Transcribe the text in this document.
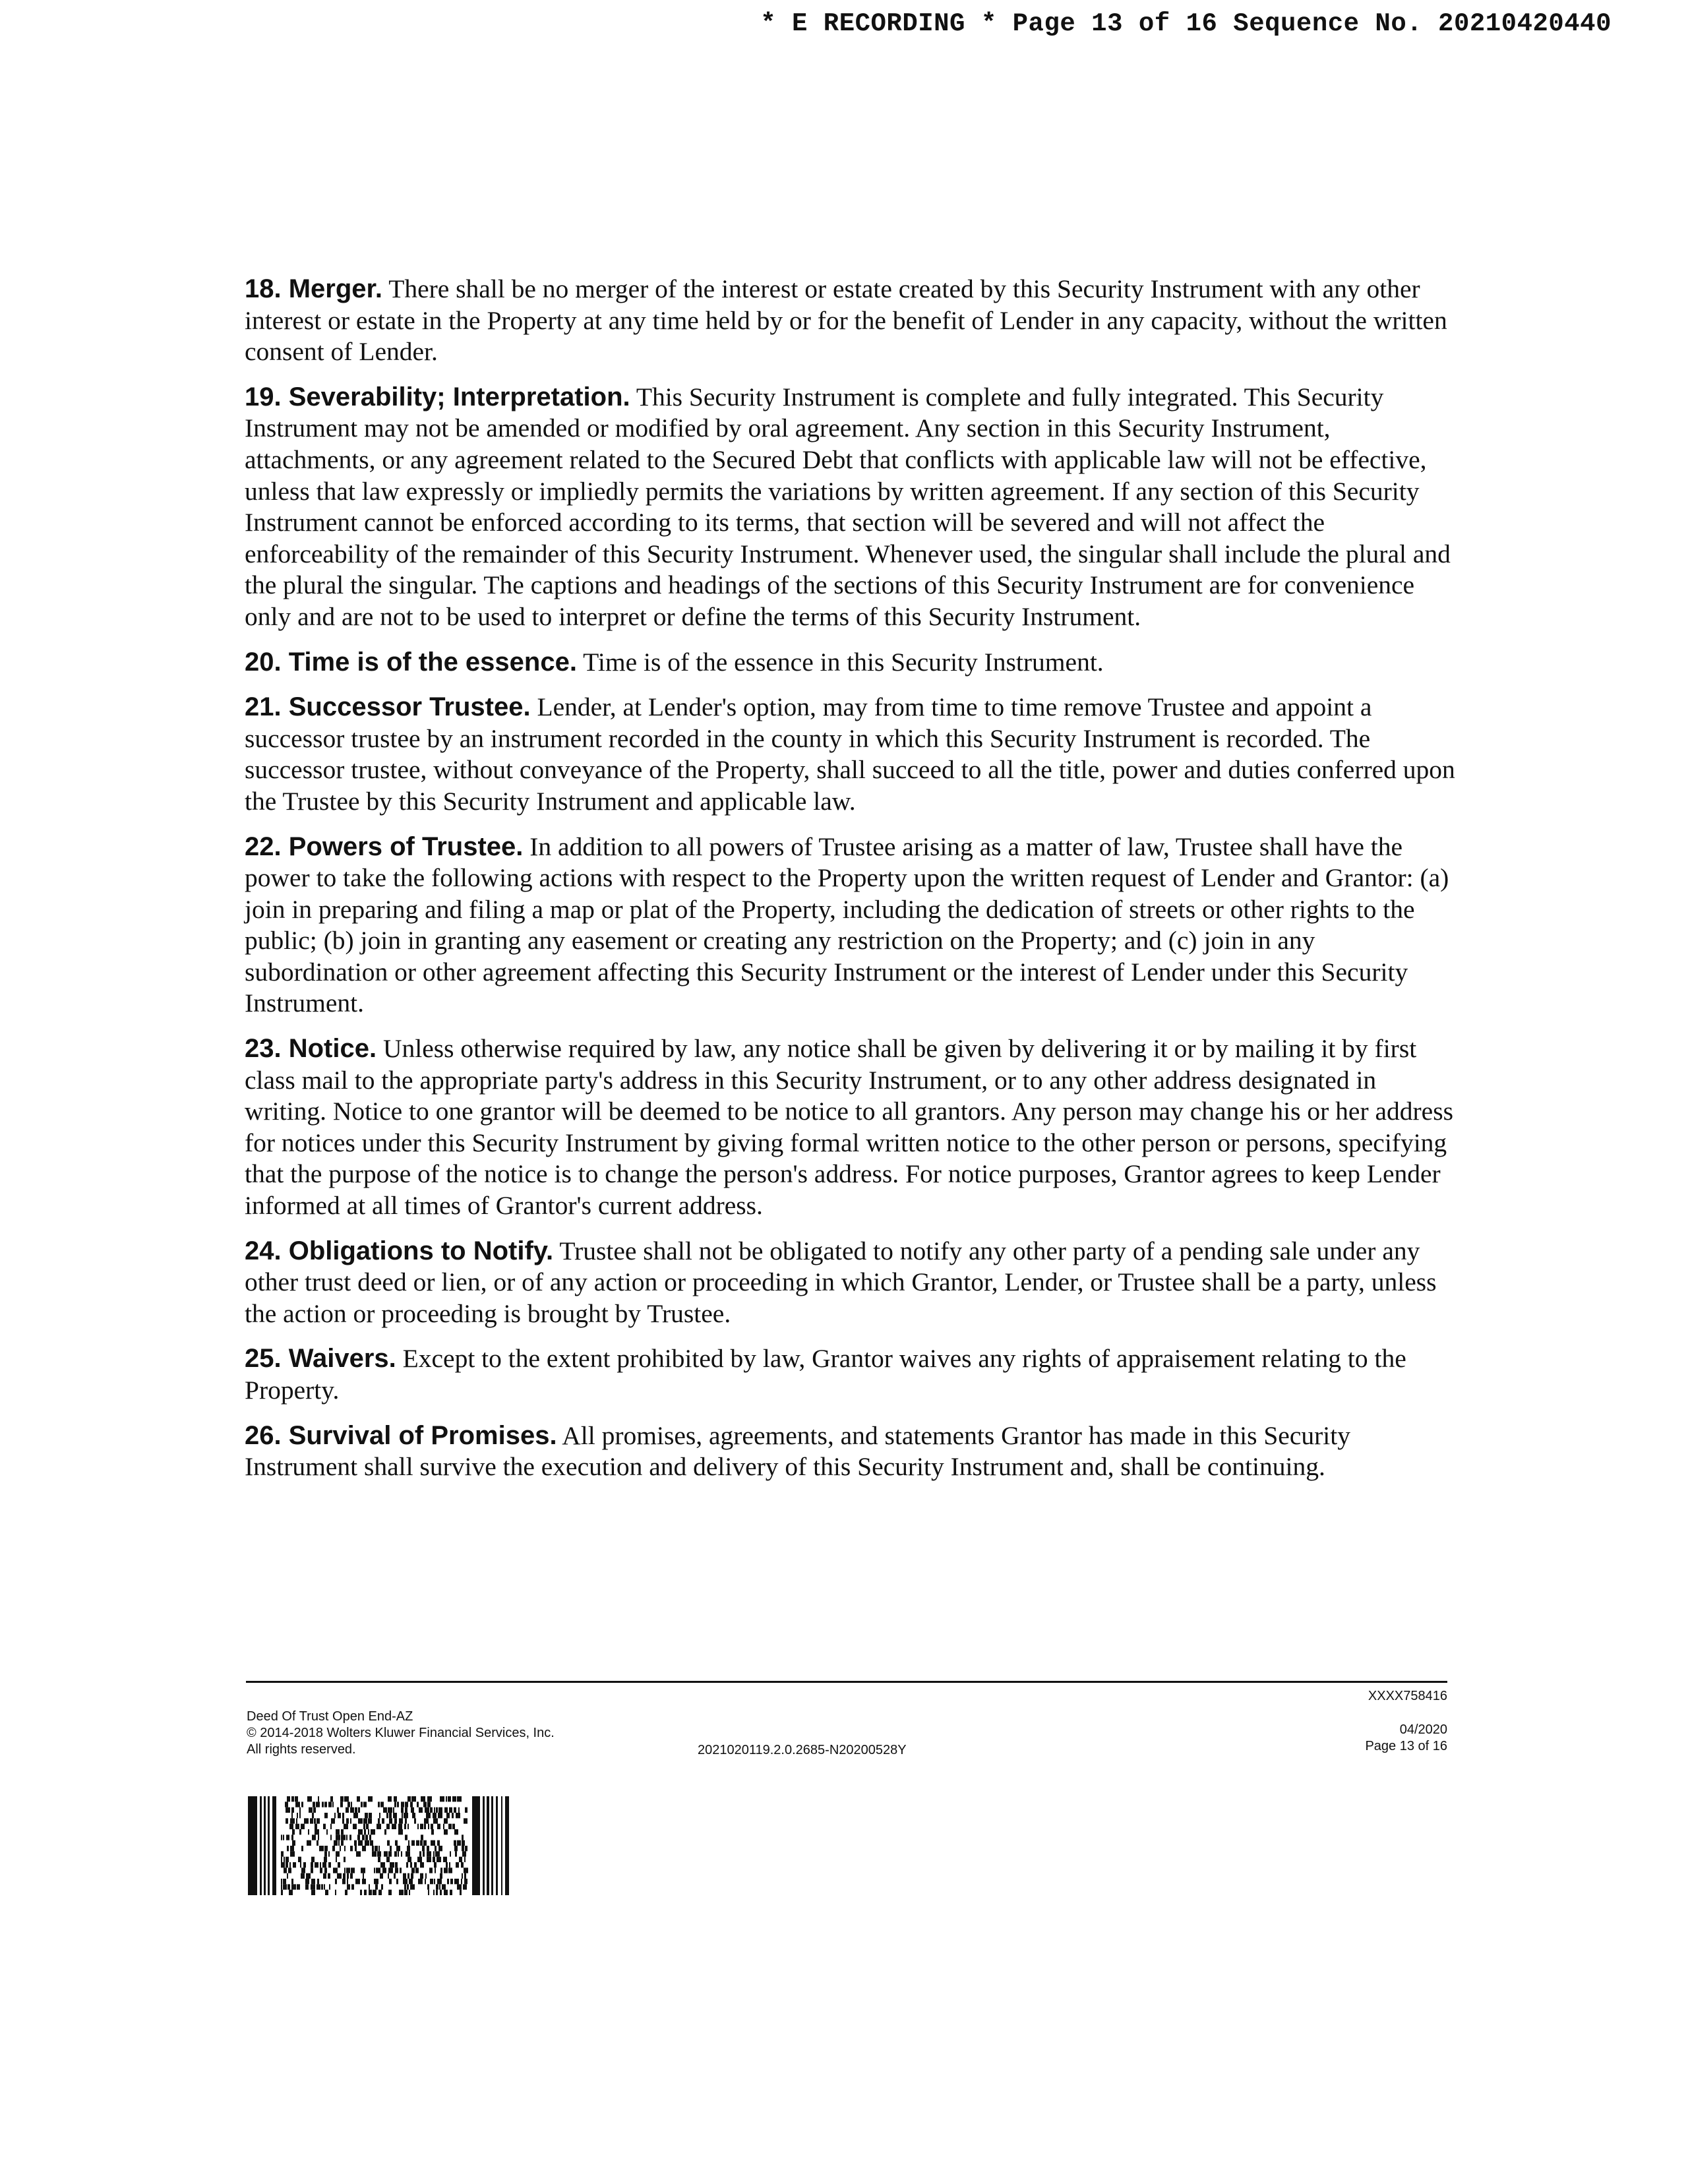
* E RECORDING * Page 13 of 16 Sequence No. 20210420440

18. Merger. There shall be no merger of the interest or estate created by this Security Instrument with any other interest or estate in the Property at any time held by or for the benefit of Lender in any capacity, without the written consent of Lender.

19. Severability; Interpretation. This Security Instrument is complete and fully integrated. This Security Instrument may not be amended or modified by oral agreement. Any section in this Security Instrument, attachments, or any agreement related to the Secured Debt that conflicts with applicable law will not be effective, unless that law expressly or impliedly permits the variations by written agreement. If any section of this Security Instrument cannot be enforced according to its terms, that section will be severed and will not affect the enforceability of the remainder of this Security Instrument. Whenever used, the singular shall include the plural and the plural the singular. The captions and headings of the sections of this Security Instrument are for convenience only and are not to be used to interpret or define the terms of this Security Instrument.

20. Time is of the essence. Time is of the essence in this Security Instrument.

21. Successor Trustee. Lender, at Lender's option, may from time to time remove Trustee and appoint a successor trustee by an instrument recorded in the county in which this Security Instrument is recorded. The successor trustee, without conveyance of the Property, shall succeed to all the title, power and duties conferred upon the Trustee by this Security Instrument and applicable law.

22. Powers of Trustee. In addition to all powers of Trustee arising as a matter of law, Trustee shall have the power to take the following actions with respect to the Property upon the written request of Lender and Grantor: (a) join in preparing and filing a map or plat of the Property, including the dedication of streets or other rights to the public; (b) join in granting any easement or creating any restriction on the Property; and (c) join in any subordination or other agreement affecting this Security Instrument or the interest of Lender under this Security Instrument.

23. Notice. Unless otherwise required by law, any notice shall be given by delivering it or by mailing it by first class mail to the appropriate party's address in this Security Instrument, or to any other address designated in writing. Notice to one grantor will be deemed to be notice to all grantors. Any person may change his or her address for notices under this Security Instrument by giving formal written notice to the other person or persons, specifying that the purpose of the notice is to change the person's address. For notice purposes, Grantor agrees to keep Lender informed at all times of Grantor's current address.

24. Obligations to Notify. Trustee shall not be obligated to notify any other party of a pending sale under any other trust deed or lien, or of any action or proceeding in which Grantor, Lender, or Trustee shall be a party, unless the action or proceeding is brought by Trustee.

25. Waivers. Except to the extent prohibited by law, Grantor waives any rights of appraisement relating to the Property.

26. Survival of Promises. All promises, agreements, and statements Grantor has made in this Security Instrument shall survive the execution and delivery of this Security Instrument and, shall be continuing.

Deed Of Trust Open End-AZ
© 2014-2018 Wolters Kluwer Financial Services, Inc.
All rights reserved.	2021020119.2.0.2685-N20200528Y
XXXX758416
04/2020
Page 13 of 16
